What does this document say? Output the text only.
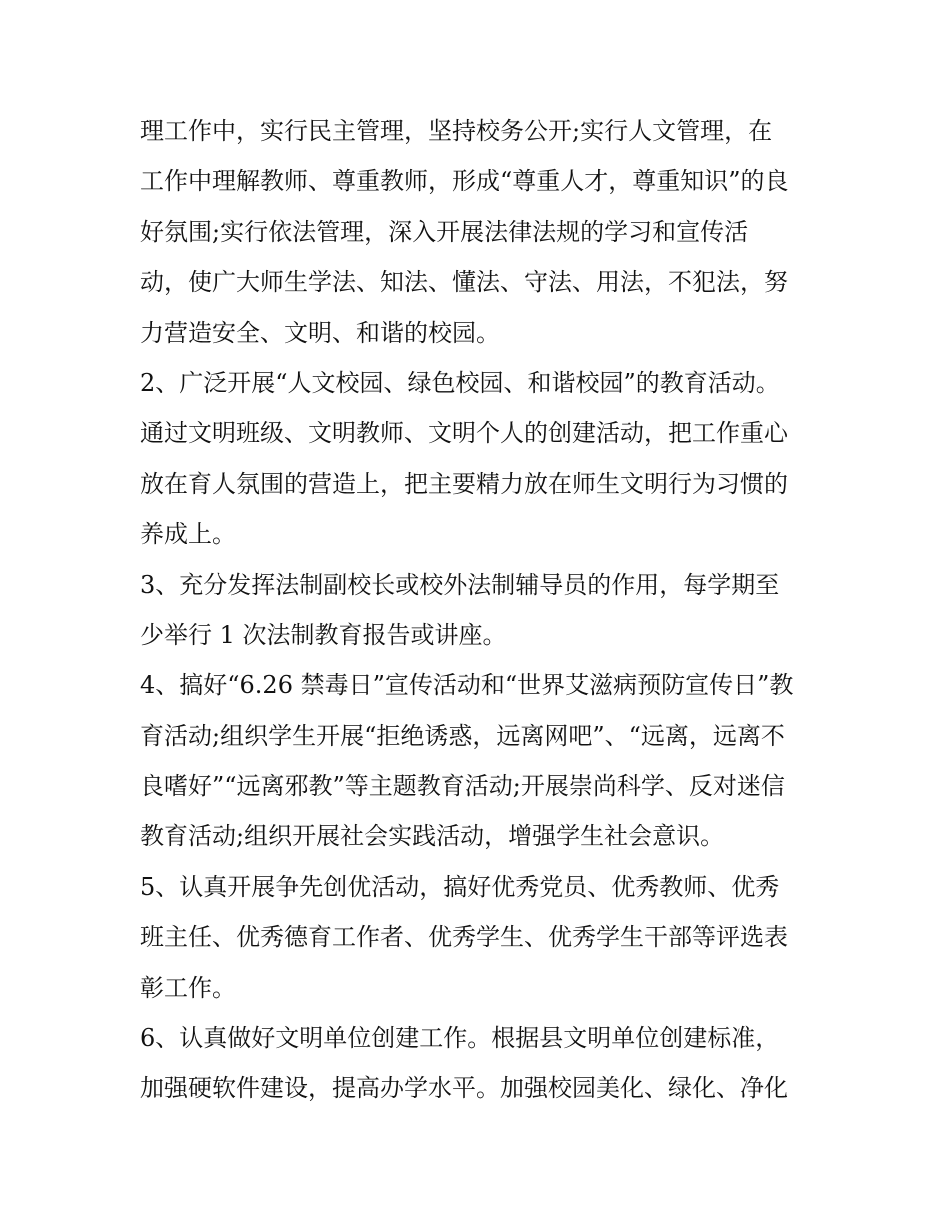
理工作中，实行民主管理，坚持校务公开;实行人文管理，在
工作中理解教师、尊重教师，形成“尊重人才，尊重知识”的良
好氛围;实行依法管理，深入开展法律法规的学习和宣传活
动，使广大师生学法、知法、懂法、守法、用法，不犯法，努
力营造安全、文明、和谐的校园。
2、广泛开展“人文校园、绿色校园、和谐校园”的教育活动。
通过文明班级、文明教师、文明个人的创建活动，把工作重心
放在育人氛围的营造上，把主要精力放在师生文明行为习惯的
养成上。
3、充分发挥法制副校长或校外法制辅导员的作用，每学期至
少举行 1 次法制教育报告或讲座。
4、搞好“6.26 禁毒日”宣传活动和“世界艾滋病预防宣传日”教
育活动;组织学生开展“拒绝诱惑，远离网吧”、“远离，远离不
良嗜好”“远离邪教”等主题教育活动;开展崇尚科学、反对迷信
教育活动;组织开展社会实践活动，增强学生社会意识。
5、认真开展争先创优活动，搞好优秀党员、优秀教师、优秀
班主任、优秀德育工作者、优秀学生、优秀学生干部等评选表
彰工作。
6、认真做好文明单位创建工作。根据县文明单位创建标准，
加强硬软件建设，提高办学水平。加强校园美化、绿化、净化
